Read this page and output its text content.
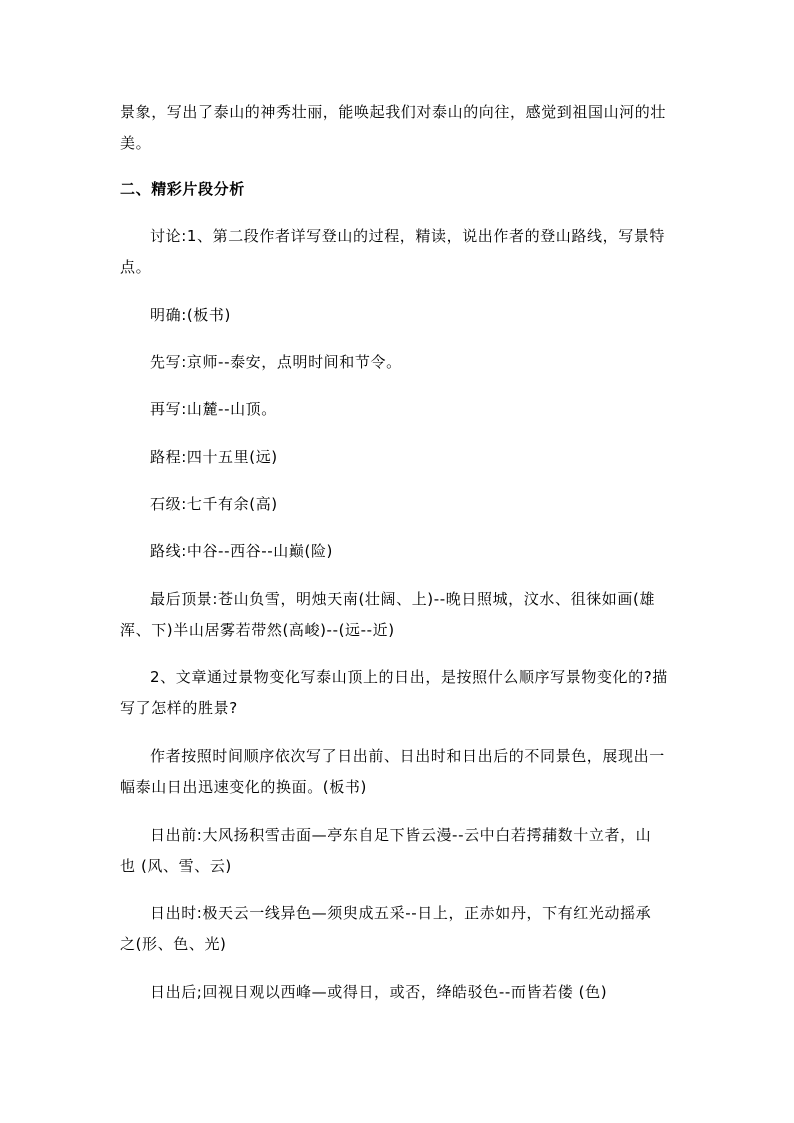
景象，写出了泰山的神秀壮丽，能唤起我们对泰山的向往，感觉到祖国山河的壮
美。
二、精彩片段分析
讨论:1、第二段作者详写登山的过程，精读，说出作者的登山路线，写景特
点。
明确:(板书)
先写:京师--泰安，点明时间和节令。
再写:山麓--山顶。
路程:四十五里(远)
石级:七千有余(高)
路线:中谷--西谷--山巅(险)
最后顶景:苍山负雪，明烛天南(壮阔、上)--晚日照城，汶水、徂徕如画(雄
浑、下)半山居雾若带然(高峻)--(远--近)
2、文章通过景物变化写泰山顶上的日出，是按照什么顺序写景物变化的?描
写了怎样的胜景?
作者按照时间顺序依次写了日出前、日出时和日出后的不同景色，展现出一
幅泰山日出迅速变化的换面。(板书)
日出前:大风扬积雪击面—亭东自足下皆云漫--云中白若摴蒱数十立者，山
也 (风、雪、云)
日出时:极天云一线异色—须臾成五采--日上，正赤如丹，下有红光动摇承
之(形、色、光)
日出后;回视日观以西峰—或得日，或否，绛皓驳色--而皆若偻 (色)
